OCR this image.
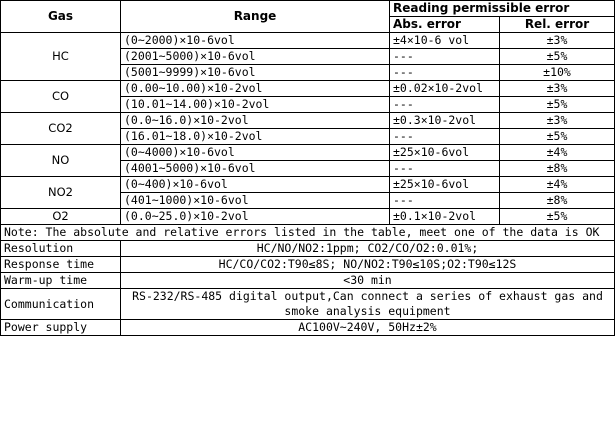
Gas	Range	Reading permissible error	
		Abs. error	Rel. error
HC	(0~2000)×10-6vol	±4×10-6 vol	±3%
	(2001~5000)×10-6vol	---	±5%
	(5001~9999)×10-6vol	---	±10%
CO	(0.00~10.00)×10-2vol	±0.02×10-2vol	±3%
	(10.01~14.00)×10-2vol	---	±5%
CO2	(0.0~16.0)×10-2vol	±0.3×10-2vol	±3%
	(16.01~18.0)×10-2vol	---	±5%
NO	(0~4000)×10-6vol	±25×10-6vol	±4%
	(4001~5000)×10-6vol	---	±8%
NO2	(0~400)×10-6vol	±25×10-6vol	±4%
	(401~1000)×10-6vol	---	±8%
O2	(0.0~25.0)×10-2vol	±0.1×10-2vol	±5%
Note: The absolute and relative errors listed in the table, meet one of the data is OK			
Resolution	HC/NO/NO2:1ppm; CO2/CO/O2:0.01%;		
Response time	HC/CO/CO2:T90≤8S; NO/NO2:T90≤10S;O2:T90≤12S		
Warm-up time	<30 min		
Communication	RS-232/RS-485 digital output,Can connect a series of exhaust gas and smoke analysis equipment		
Power supply	AC100V~240V, 50Hz±2%		
